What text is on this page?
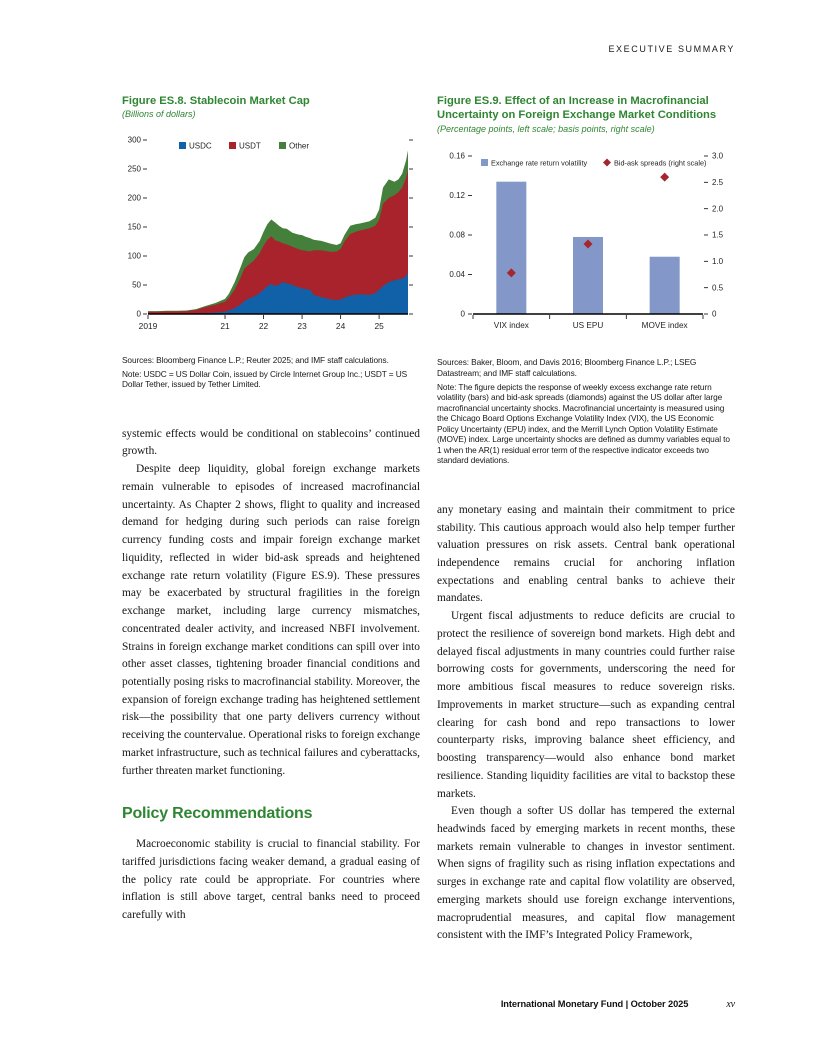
EXECUTIVE SUMMARY
Figure ES.8. Stablecoin Market Cap
(Billions of dollars)
0
50
100
150
200
250
300
2019	21	22	23	24	25
USDC	USDT	Other
Sources: Bloomberg Finance L.P.; Reuter 2025; and IMF staff calculations.
Note: USDC = US Dollar Coin, issued by Circle Internet Group Inc.; USDT = US Dollar Tether, issued by Tether Limited.

systemic effects would be conditional on stablecoins’ continued growth.

Despite deep liquidity, global foreign exchange markets remain vulnerable to episodes of increased macrofinancial uncertainty. As Chapter 2 shows, flight to quality and increased demand for hedging during such periods can raise foreign currency funding costs and impair foreign exchange market liquidity, reflected in wider bid-ask spreads and heightened exchange rate return volatility (Figure ES.9). These pressures may be exacerbated by structural fragilities in the foreign exchange market, including large currency mismatches, concentrated dealer activity, and increased NBFI involvement. Strains in foreign exchange market conditions can spill over into other asset classes, tightening broader financial conditions and potentially posing risks to macrofinancial stability. Moreover, the expansion of foreign exchange trading has heightened settlement risk—the possibility that one party delivers currency without receiving the countervalue. Operational risks to foreign exchange market infrastructure, such as technical failures and cyberattacks, further threaten market functioning.

Policy Recommendations

Macroeconomic stability is crucial to financial stability. For tariffed jurisdictions facing weaker demand, a gradual easing of the policy rate could be appropriate. For countries where inflation is still above target, central banks need to proceed carefully with

Figure ES.9. Effect of an Increase in Macrofinancial Uncertainty on Foreign Exchange Market Conditions
(Percentage points, left scale; basis points, right scale)
0
0.04
0.08
0.12
0.16
0
0.5
1.0
1.5
2.0
2.5
3.0
VIX index	US EPU	MOVE index
Exchange rate return volatility	Bid-ask spreads (right scale)
Sources: Baker, Bloom, and Davis 2016; Bloomberg Finance L.P.; LSEG Datastream; and IMF staff calculations.
Note: The figure depicts the response of weekly excess exchange rate return volatility (bars) and bid-ask spreads (diamonds) against the US dollar after large macrofinancial uncertainty shocks. Macrofinancial uncertainty is measured using the Chicago Board Options Exchange Volatility Index (VIX), the US Economic Policy Uncertainty (EPU) index, and the Merrill Lynch Option Volatility Estimate (MOVE) index. Large uncertainty shocks are defined as dummy variables equal to 1 when the AR(1) residual error term of the respective indicator exceeds two standard deviations.

any monetary easing and maintain their commitment to price stability. This cautious approach would also help temper further valuation pressures on risk assets. Central bank operational independence remains crucial for anchoring inflation expectations and enabling central banks to achieve their mandates.

Urgent fiscal adjustments to reduce deficits are crucial to protect the resilience of sovereign bond markets. High debt and delayed fiscal adjustments in many countries could further raise borrowing costs for governments, underscoring the need for more ambitious fiscal measures to reduce sovereign risks. Improvements in market structure—such as expanding central clearing for cash bond and repo transactions to lower counterparty risks, improving balance sheet efficiency, and boosting transparency—would also enhance bond market resilience. Standing liquidity facilities are vital to backstop these markets.

Even though a softer US dollar has tempered the external headwinds faced by emerging markets in recent months, these markets remain vulnerable to changes in investor sentiment. When signs of fragility such as rising inflation expectations and surges in exchange rate and capital flow volatility are observed, emerging markets should use foreign exchange interventions, macroprudential measures, and capital flow management consistent with the IMF’s Integrated Policy Framework,

International Monetary Fund | October 2025	xv
